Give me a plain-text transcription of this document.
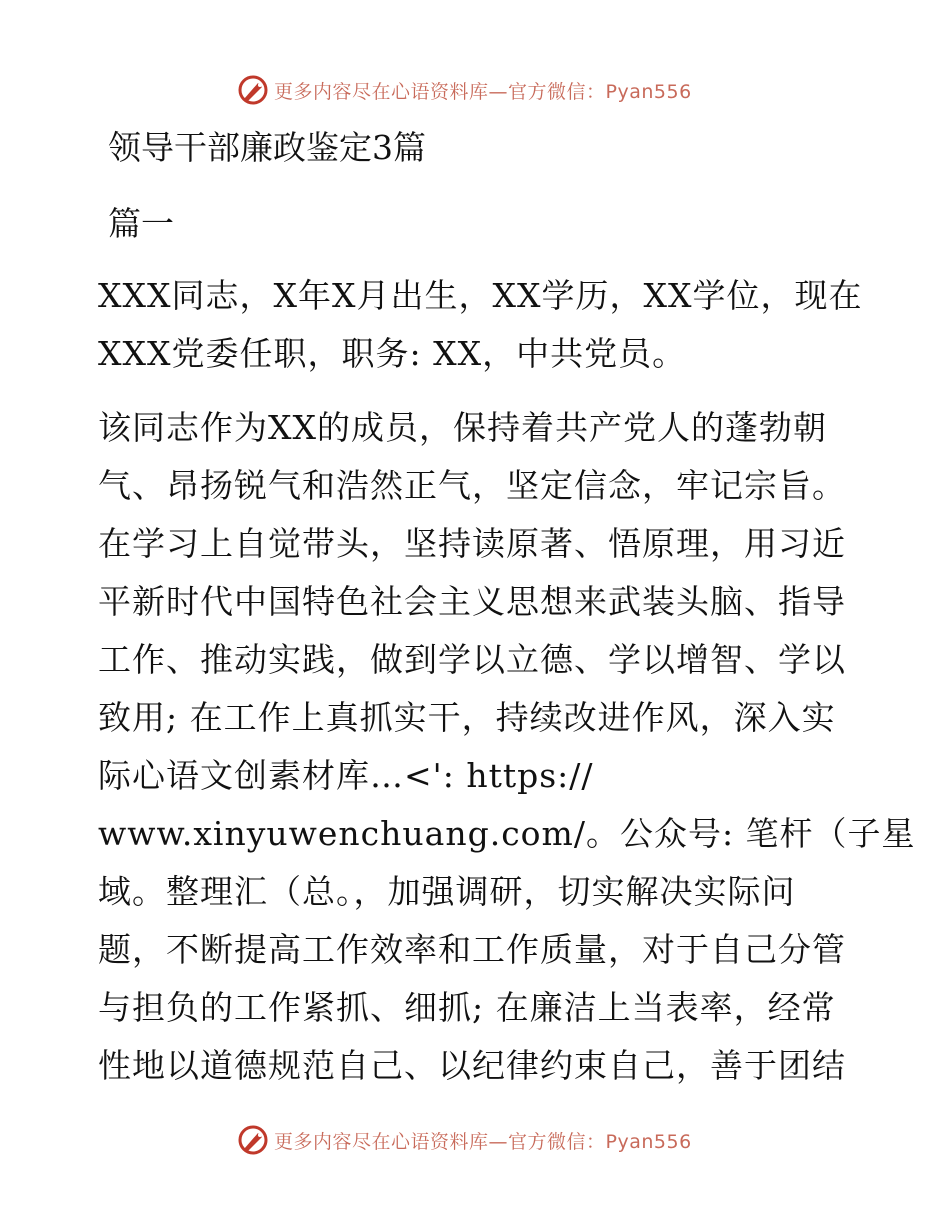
更多内容尽在心语资料库—官方微信：Pyan556
领导干部廉政鉴定3篇
篇一
XXX同志，X年X月出生，XX学历，XX学位，现在
XXX党委任职，职务: XX，中共党员。
该同志作为XX的成员，保持着共产党人的蓬勃朝
气、昂扬锐气和浩然正气，坚定信念，牢记宗旨。
在学习上自觉带头，坚持读原著、悟原理，用习近
平新时代中国特色社会主义思想来武装头脑、指导
工作、推动实践，做到学以立德、学以增智、学以
致用; 在工作上真抓实干，持续改进作风，深入实
际心语文创素材库…<': https://
www.xinyuwenchuang.com/。公众号: 笔杆（子星
域。整理汇（总。，加强调研，切实解决实际问
题，不断提高工作效率和工作质量，对于自己分管
与担负的工作紧抓、细抓; 在廉洁上当表率，经常
性地以道德规范自己、以纪律约束自己，善于团结
更多内容尽在心语资料库—官方微信：Pyan556
